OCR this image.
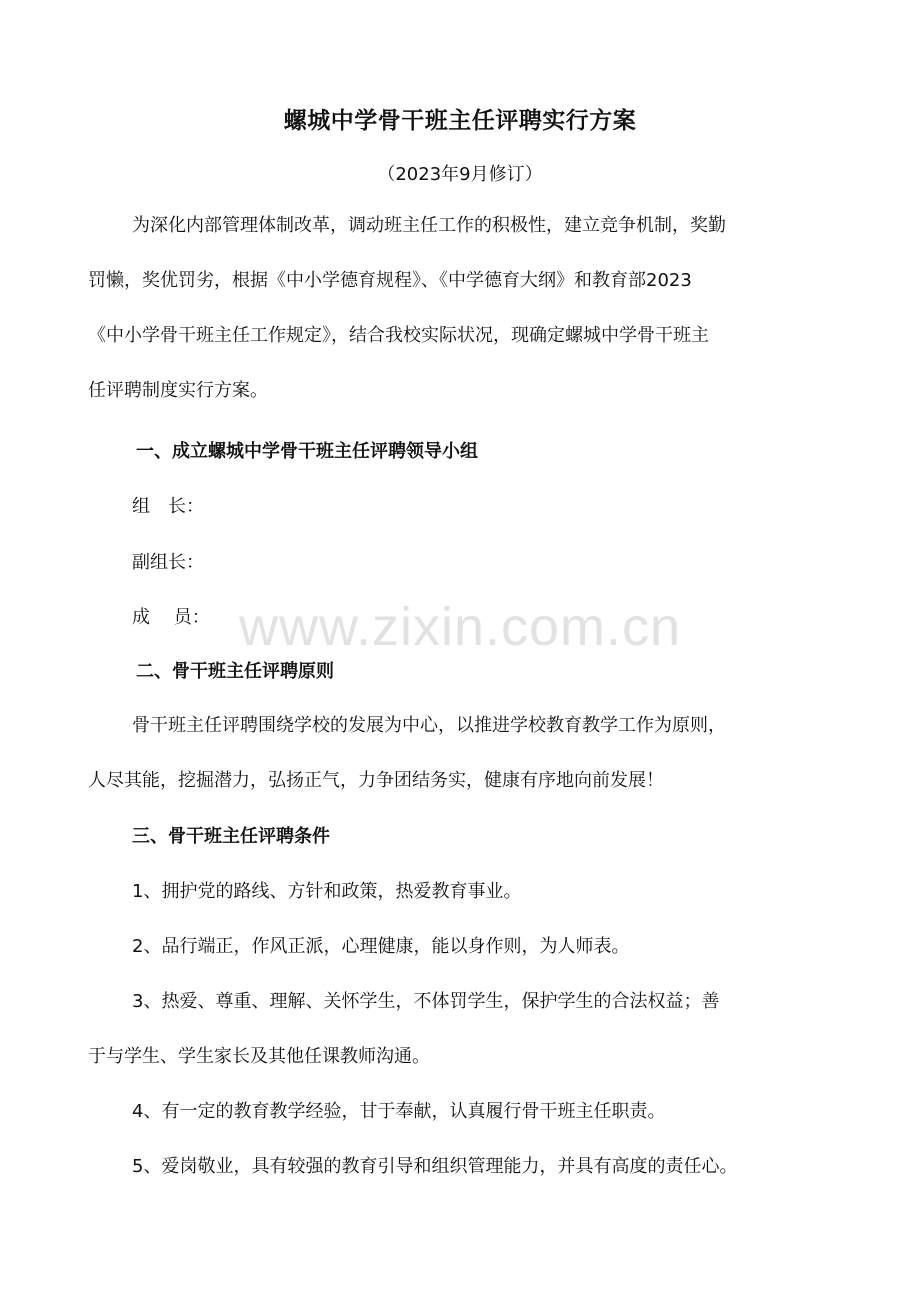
螺城中学骨干班主任评聘实行方案
（2023年9月修订）
为深化内部管理体制改革，调动班主任工作的积极性，建立竞争机制，奖勤
罚懒，奖优罚劣，根据《中小学德育规程》、《中学德育大纲》和教育部2023
《中小学骨干班主任工作规定》，结合我校实际状况，现确定螺城中学骨干班主
任评聘制度实行方案。
一、成立螺城中学骨干班主任评聘领导小组
组　长：
副组长：
成　 员：
二、骨干班主任评聘原则
骨干班主任评聘围绕学校的发展为中心，以推进学校教育教学工作为原则，
人尽其能，挖掘潜力，弘扬正气，力争团结务实，健康有序地向前发展！
三、骨干班主任评聘条件
1、拥护党的路线、方针和政策，热爱教育事业。
2、品行端正，作风正派，心理健康，能以身作则，为人师表。
3、热爱、尊重、理解、关怀学生，不体罚学生，保护学生的合法权益；善
于与学生、学生家长及其他任课教师沟通。
4、有一定的教育教学经验，甘于奉献，认真履行骨干班主任职责。
5、爱岗敬业，具有较强的教育引导和组织管理能力，并具有高度的责任心。
www.zixin.com.cn
